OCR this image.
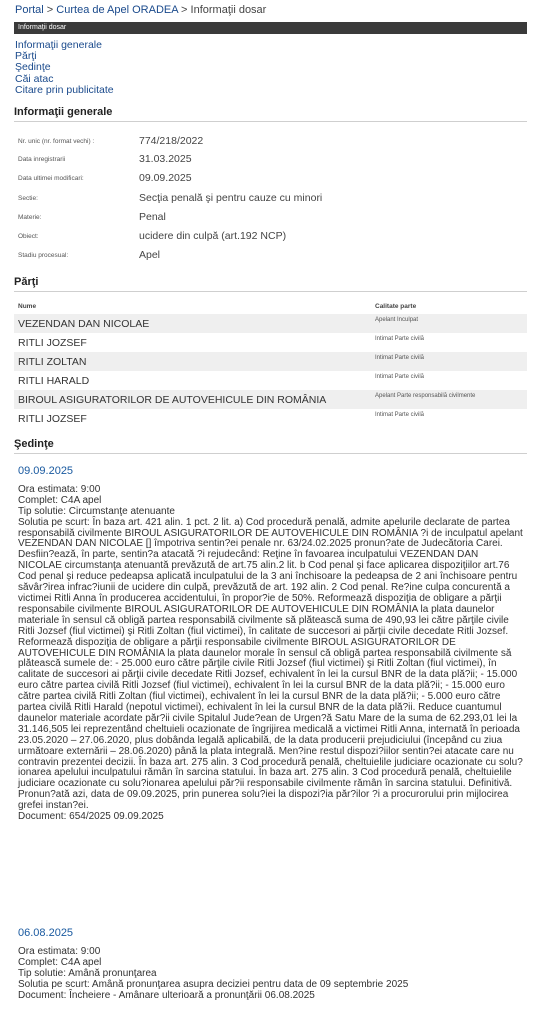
Portal > Curtea de Apel ORADEA > Informaţii dosar
Informaţii dosar
Informaţii generale
Părţi
Şedinţe
Căi atac
Citare prin publicitate
Informaţii generale
Nr. unic (nr. format vechi) :	774/218/2022
Data inregistrarii	31.03.2025
Data ultimei modificari:	09.09.2025
Sectie:	Secţia penală şi pentru cauze cu minori
Materie:	Penal
Obiect:	ucidere din culpă (art.192 NCP)
Stadiu procesual:	Apel
Părţi
Nume	Calitate parte
VEZENDAN DAN NICOLAE	Apelant Inculpat
RITLI JOZSEF	Intimat Parte civilă
RITLI ZOLTAN	Intimat Parte civilă
RITLI HARALD	Intimat Parte civilă
BIROUL ASIGURATORILOR DE AUTOVEHICULE DIN ROMÂNIA	Apelant Parte responsabilă civilmente
RITLI JOZSEF	Intimat Parte civilă
Şedinţe
09.09.2025
Ora estimata: 9:00
Complet: C4A apel
Tip solutie: Circumstanţe atenuante
Solutia pe scurt: În baza art. 421 alin. 1 pct. 2 lit. a) Cod procedură penală, admite apelurile declarate de partea responsabilă civilmente BIROUL ASIGURATORILOR DE AUTOVEHICULE DIN ROMÂNIA ?i de inculpatul apelant VEZENDAN DAN NICOLAE [] împotriva sentin?ei penale nr. 63/24.02.2025 pronun?ate de Judecătoria Carei. Desfiin?ează, în parte, sentin?a atacată ?i rejudecând: Reţine în favoarea inculpatului VEZENDAN DAN NICOLAE circumstanţa atenuantă prevăzută de art.75 alin.2 lit. b Cod penal şi face aplicarea dispoziţiilor art.76 Cod penal şi reduce pedeapsa aplicată inculpatului de la 3 ani închisoare la pedeapsa de 2 ani închisoare pentru săvâr?irea infrac?iunii de ucidere din culpă, prevăzută de art. 192 alin. 2 Cod penal. Re?ine culpa concurentă a victimei Ritli Anna în producerea accidentului, în propor?ie de 50%. Reformează dispoziţia de obligare a părţii responsabile civilmente BIROUL ASIGURATORILOR DE AUTOVEHICULE DIN ROMÂNIA la plata daunelor materiale în sensul că obligă partea responsabilă civilmente să plătească suma de 490,93 lei către părţile civile Ritli Jozsef (fiul victimei) şi Ritli Zoltan (fiul victimei), în calitate de succesori ai părţii civile decedate Ritli Jozsef. Reformează dispoziţia de obligare a părţii responsabile civilmente BIROUL ASIGURATORILOR DE AUTOVEHICULE DIN ROMÂNIA la plata daunelor morale în sensul că obligă partea responsabilă civilmente să plătească sumele de: - 25.000 euro către părţile civile Ritli Jozsef (fiul victimei) şi Ritli Zoltan (fiul victimei), în calitate de succesori ai părţii civile decedate Ritli Jozsef, echivalent în lei la cursul BNR de la data plă?ii; - 15.000 euro către partea civilă Ritli Jozsef (fiul victimei), echivalent în lei la cursul BNR de la data plă?ii; - 15.000 euro către partea civilă Ritli Zoltan (fiul victimei), echivalent în lei la cursul BNR de la data plă?ii; - 5.000 euro către partea civilă Ritli Harald (nepotul victimei), echivalent în lei la cursul BNR de la data plă?ii. Reduce cuantumul daunelor materiale acordate păr?ii civile Spitalul Jude?ean de Urgen?ă Satu Mare de la suma de 62.293,01 lei la 31.146,505 lei reprezentând cheltuieli ocazionate de îngrijirea medicală a victimei Ritli Anna, internată în perioada 23.05.2020 – 27.06.2020, plus dobânda legală aplicabilă, de la data producerii prejudiciului (începând cu ziua următoare externării – 28.06.2020) până la plata integrală. Men?ine restul dispozi?iilor sentin?ei atacate care nu contravin prezentei decizii. În baza art. 275 alin. 3 Cod procedură penală, cheltuielile judiciare ocazionate cu solu?ionarea apelului inculpatului rămân în sarcina statului. În baza art. 275 alin. 3 Cod procedură penală, cheltuielile judiciare ocazionate cu solu?ionarea apelului păr?ii responsabile civilmente rămân în sarcina statului. Definitivă. Pronun?ată azi, data de 09.09.2025, prin punerea solu?iei la dispozi?ia păr?ilor ?i a procurorului prin mijlocirea grefei instan?ei.
Document: 654/2025 09.09.2025
06.08.2025
Ora estimata: 9:00
Complet: C4A apel
Tip solutie: Amână pronunţarea
Solutia pe scurt: Amână pronunţarea asupra deciziei pentru data de 09 septembrie 2025
Document: Încheiere - Amânare ulterioară a pronunţării 06.08.2025
